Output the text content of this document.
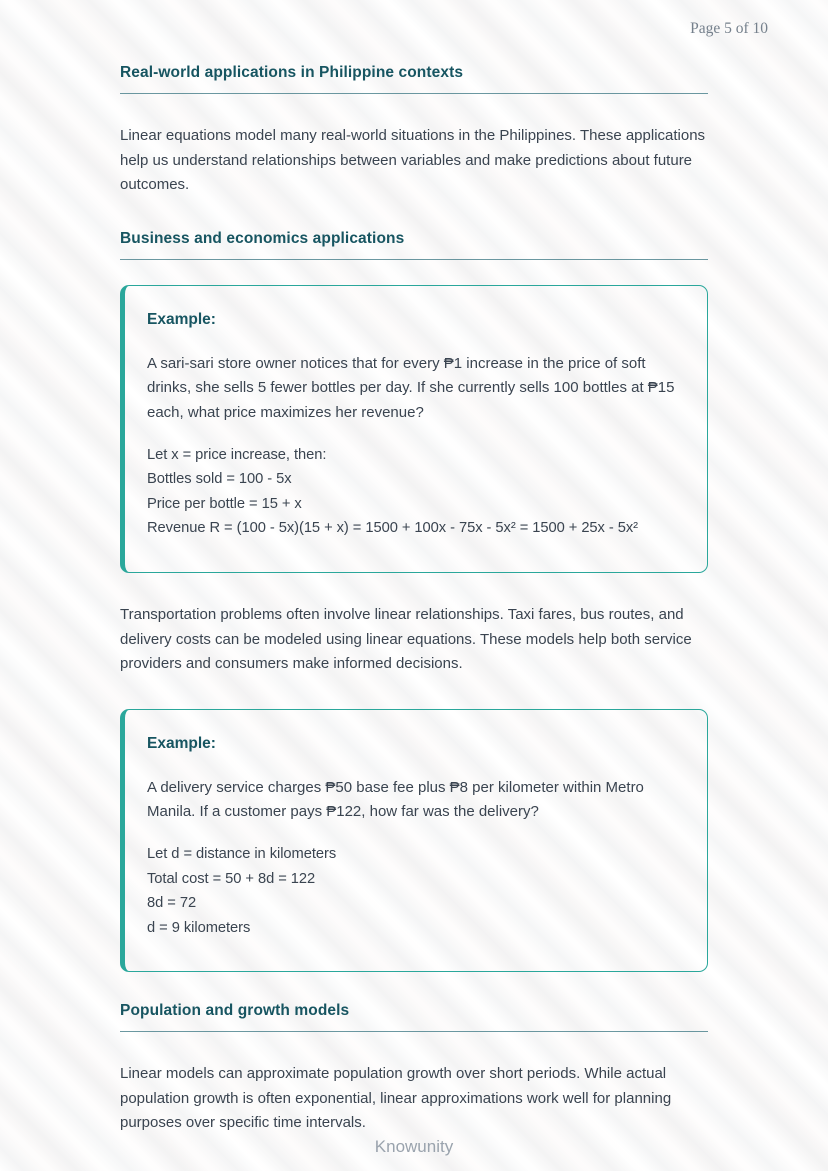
Page 5 of 10
Real-world applications in Philippine contexts

Linear equations model many real-world situations in the Philippines. These applications help us understand relationships between variables and make predictions about future outcomes.

Business and economics applications
Example:

A sari-sari store owner notices that for every ₱1 increase in the price of soft drinks, she sells 5 fewer bottles per day. If she currently sells 100 bottles at ₱15 each, what price maximizes her revenue?

Let x = price increase, then:
Bottles sold = 100 - 5x
Price per bottle = 15 + x
Revenue R = (100 - 5x)(15 + x) = 1500 + 100x - 75x - 5x² = 1500 + 25x - 5x²

Transportation problems often involve linear relationships. Taxi fares, bus routes, and delivery costs can be modeled using linear equations. These models help both service providers and consumers make informed decisions.

Example:

A delivery service charges ₱50 base fee plus ₱8 per kilometer within Metro Manila. If a customer pays ₱122, how far was the delivery?

Let d = distance in kilometers
Total cost = 50 + 8d = 122
8d = 72
d = 9 kilometers
Population and growth models

Linear models can approximate population growth over short periods. While actual population growth is often exponential, linear approximations work well for planning purposes over specific time intervals.

Knowunity
